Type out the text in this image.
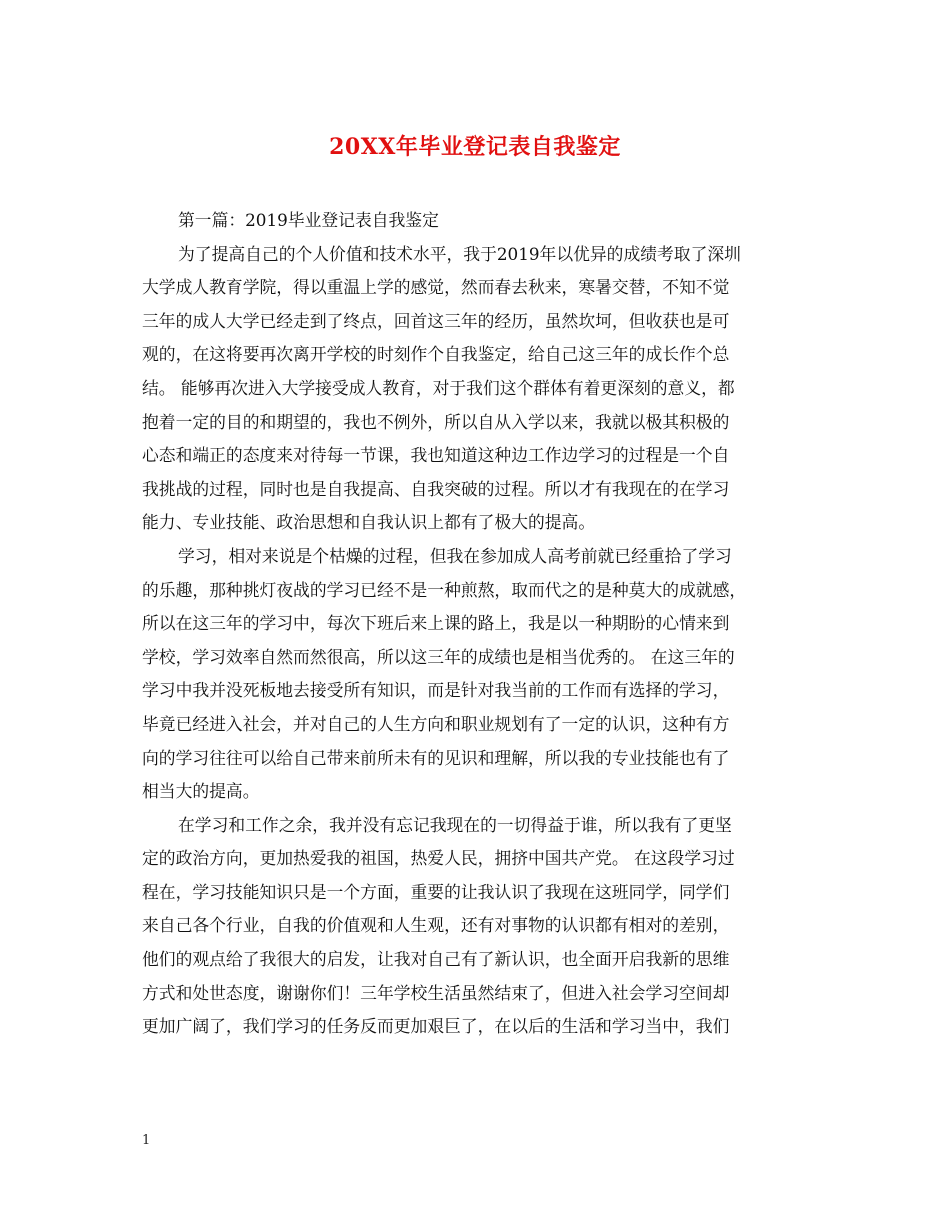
20XX年毕业登记表自我鉴定
第一篇：2019毕业登记表自我鉴定
为了提高自己的个人价值和技术水平，我于2019年以优异的成绩考取了深圳
大学成人教育学院，得以重温上学的感觉，然而春去秋来，寒暑交替，不知不觉
三年的成人大学已经走到了终点，回首这三年的经历，虽然坎坷，但收获也是可
观的，在这将要再次离开学校的时刻作个自我鉴定，给自己这三年的成长作个总
结。 能够再次进入大学接受成人教育，对于我们这个群体有着更深刻的意义，都
抱着一定的目的和期望的，我也不例外，所以自从入学以来，我就以极其积极的
心态和端正的态度来对待每一节课，我也知道这种边工作边学习的过程是一个自
我挑战的过程，同时也是自我提高、自我突破的过程。所以才有我现在的在学习
能力、专业技能、政治思想和自我认识上都有了极大的提高。
学习，相对来说是个枯燥的过程，但我在参加成人高考前就已经重拾了学习
的乐趣，那种挑灯夜战的学习已经不是一种煎熬，取而代之的是种莫大的成就感，
所以在这三年的学习中，每次下班后来上课的路上，我是以一种期盼的心情来到
学校，学习效率自然而然很高，所以这三年的成绩也是相当优秀的。 在这三年的
学习中我并没死板地去接受所有知识，而是针对我当前的工作而有选择的学习，
毕竟已经进入社会，并对自己的人生方向和职业规划有了一定的认识，这种有方
向的学习往往可以给自己带来前所未有的见识和理解，所以我的专业技能也有了
相当大的提高。
在学习和工作之余，我并没有忘记我现在的一切得益于谁，所以我有了更坚
定的政治方向，更加热爱我的祖国，热爱人民，拥挤中国共产党。 在这段学习过
程在，学习技能知识只是一个方面，重要的让我认识了我现在这班同学，同学们
来自己各个行业，自我的价值观和人生观，还有对事物的认识都有相对的差别，
他们的观点给了我很大的启发，让我对自己有了新认识，也全面开启我新的思维
方式和处世态度，谢谢你们！三年学校生活虽然结束了，但进入社会学习空间却
更加广阔了，我们学习的任务反而更加艰巨了，在以后的生活和学习当中，我们
1
